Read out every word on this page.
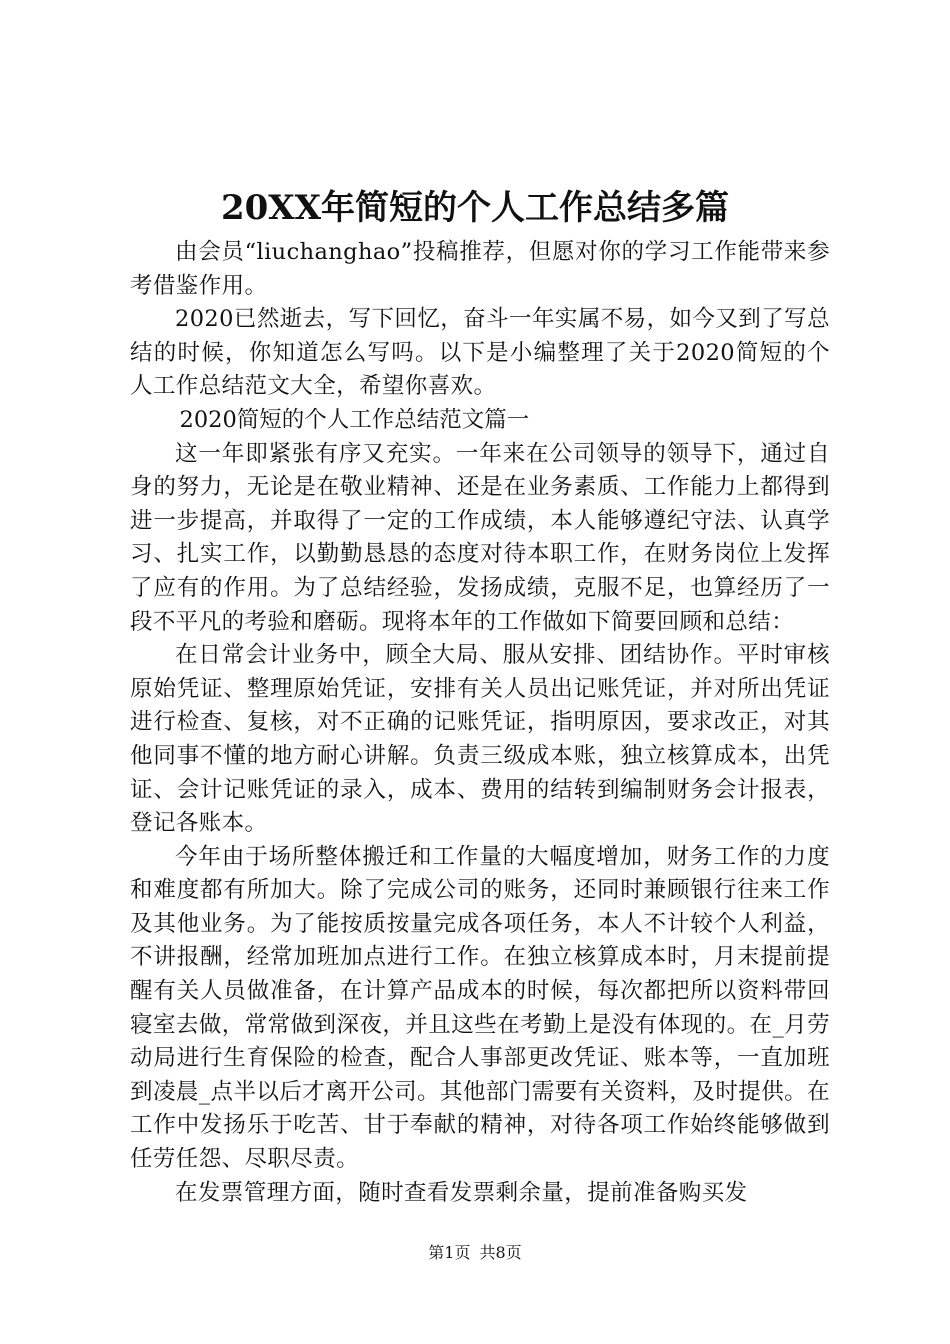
20XX年简短的个人工作总结多篇

由会员“liuchanghao”投稿推荐，但愿对你的学习工作能带来参考借鉴作用。

2020已然逝去，写下回忆，奋斗一年实属不易，如今又到了写总结的时候，你知道怎么写吗。以下是小编整理了关于2020简短的个人工作总结范文大全，希望你喜欢。

2020简短的个人工作总结范文篇一

这一年即紧张有序又充实。一年来在公司领导的领导下，通过自身的努力，无论是在敬业精神、还是在业务素质、工作能力上都得到进一步提高，并取得了一定的工作成绩，本人能够遵纪守法、认真学习、扎实工作，以勤勤恳恳的态度对待本职工作，在财务岗位上发挥了应有的作用。为了总结经验，发扬成绩，克服不足，也算经历了一段不平凡的考验和磨砺。现将本年的工作做如下简要回顾和总结：

在日常会计业务中，顾全大局、服从安排、团结协作。平时审核原始凭证、整理原始凭证，安排有关人员出记账凭证，并对所出凭证进行检查、复核，对不正确的记账凭证，指明原因，要求改正，对其他同事不懂的地方耐心讲解。负责三级成本账，独立核算成本，出凭证、会计记账凭证的录入，成本、费用的结转到编制财务会计报表，登记各账本。

今年由于场所整体搬迁和工作量的大幅度增加，财务工作的力度和难度都有所加大。除了完成公司的账务，还同时兼顾银行往来工作及其他业务。为了能按质按量完成各项任务，本人不计较个人利益，不讲报酬，经常加班加点进行工作。在独立核算成本时，月末提前提醒有关人员做准备，在计算产品成本的时候，每次都把所以资料带回寝室去做，常常做到深夜，并且这些在考勤上是没有体现的。在_月劳动局进行生育保险的检查，配合人事部更改凭证、账本等，一直加班到凌晨_点半以后才离开公司。其他部门需要有关资料，及时提供。在工作中发扬乐于吃苦、甘于奉献的精神，对待各项工作始终能够做到任劳任怨、尽职尽责。

在发票管理方面，随时查看发票剩余量，提前准备购买发

第1页 共8页
